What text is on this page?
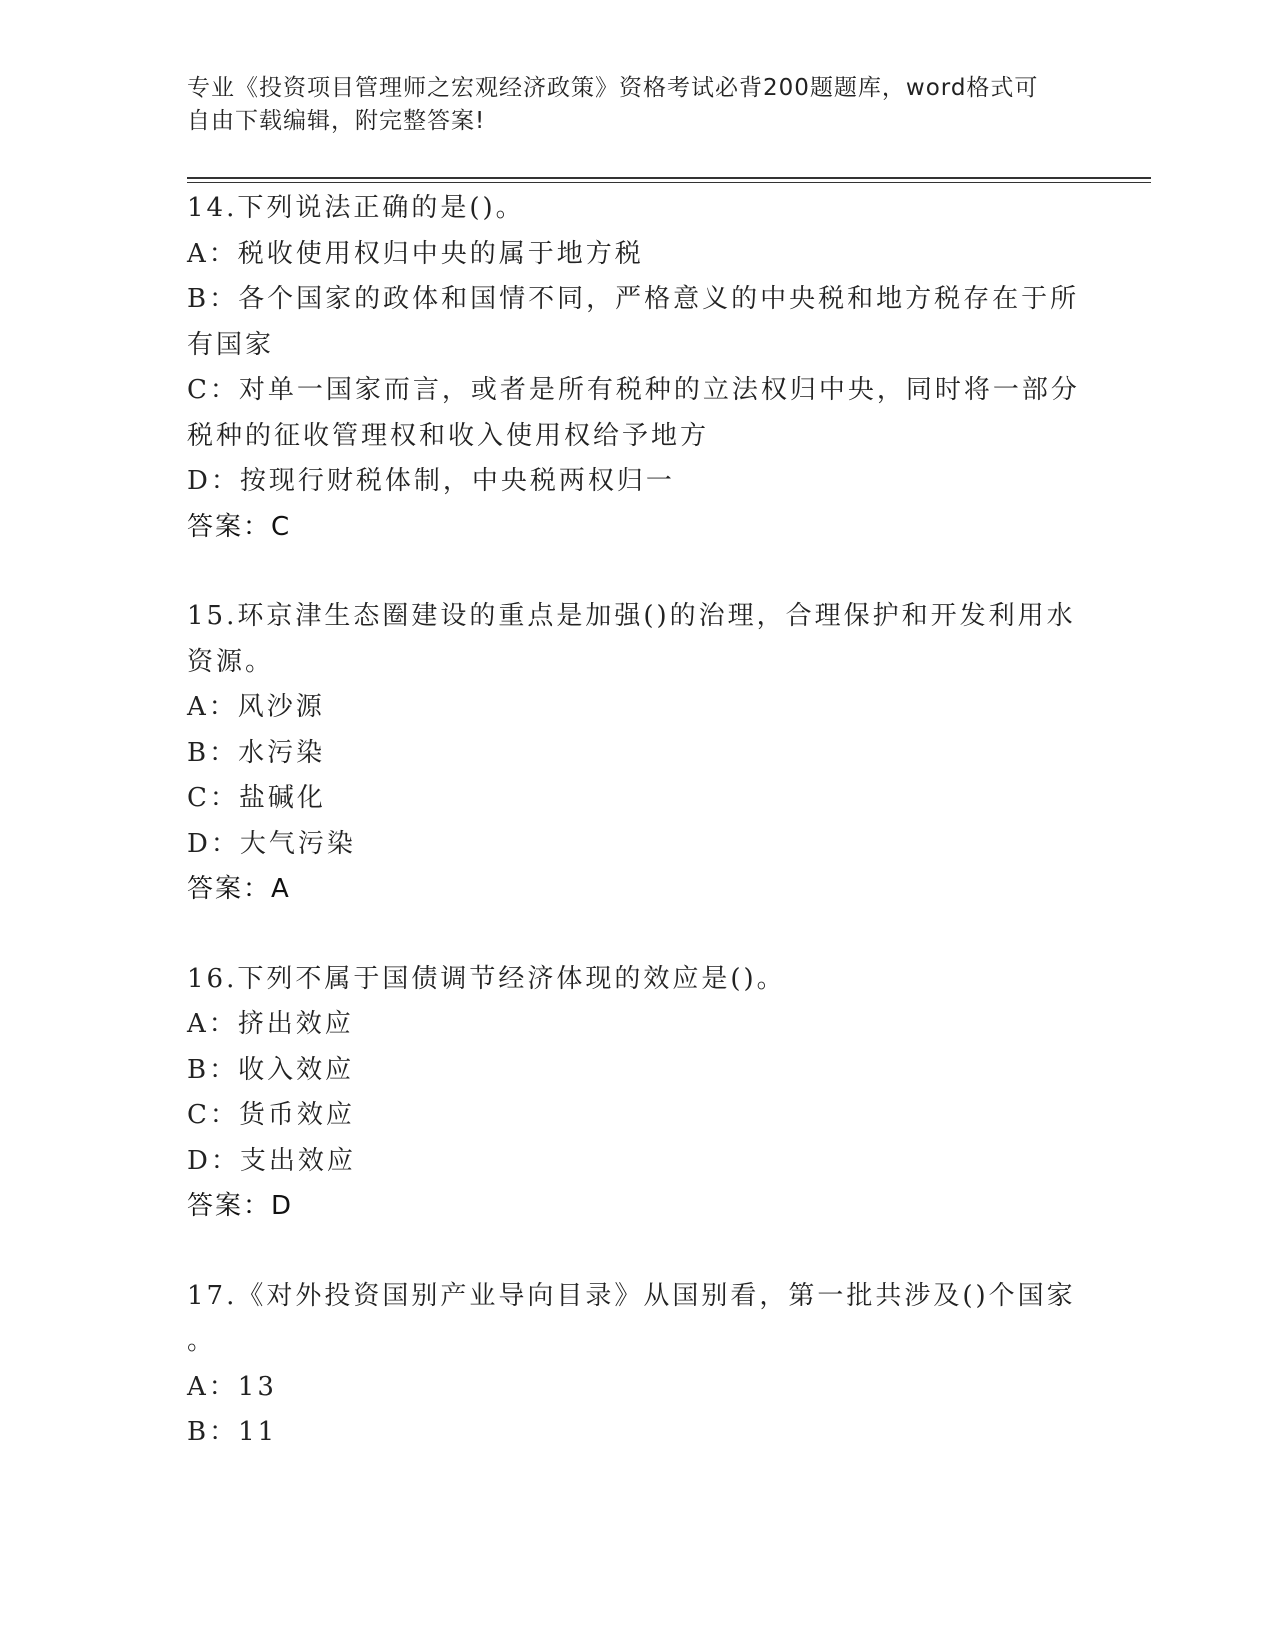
专业《投资项目管理师之宏观经济政策》资格考试必背200题题库，word格式可
自由下载编辑，附完整答案!
14.下列说法正确的是()。
A：税收使用权归中央的属于地方税
B：各个国家的政体和国情不同，严格意义的中央税和地方税存在于所
有国家
C：对单一国家而言，或者是所有税种的立法权归中央，同时将一部分
税种的征收管理权和收入使用权给予地方
D：按现行财税体制，中央税两权归一
答案：C
15.环京津生态圈建设的重点是加强()的治理，合理保护和开发利用水
资源。
A：风沙源
B：水污染
C：盐碱化
D：大气污染
答案：A
16.下列不属于国债调节经济体现的效应是()。
A：挤出效应
B：收入效应
C：货币效应
D：支出效应
答案：D
17.《对外投资国别产业导向目录》从国别看，第一批共涉及()个国家
。
A：13
B：11
